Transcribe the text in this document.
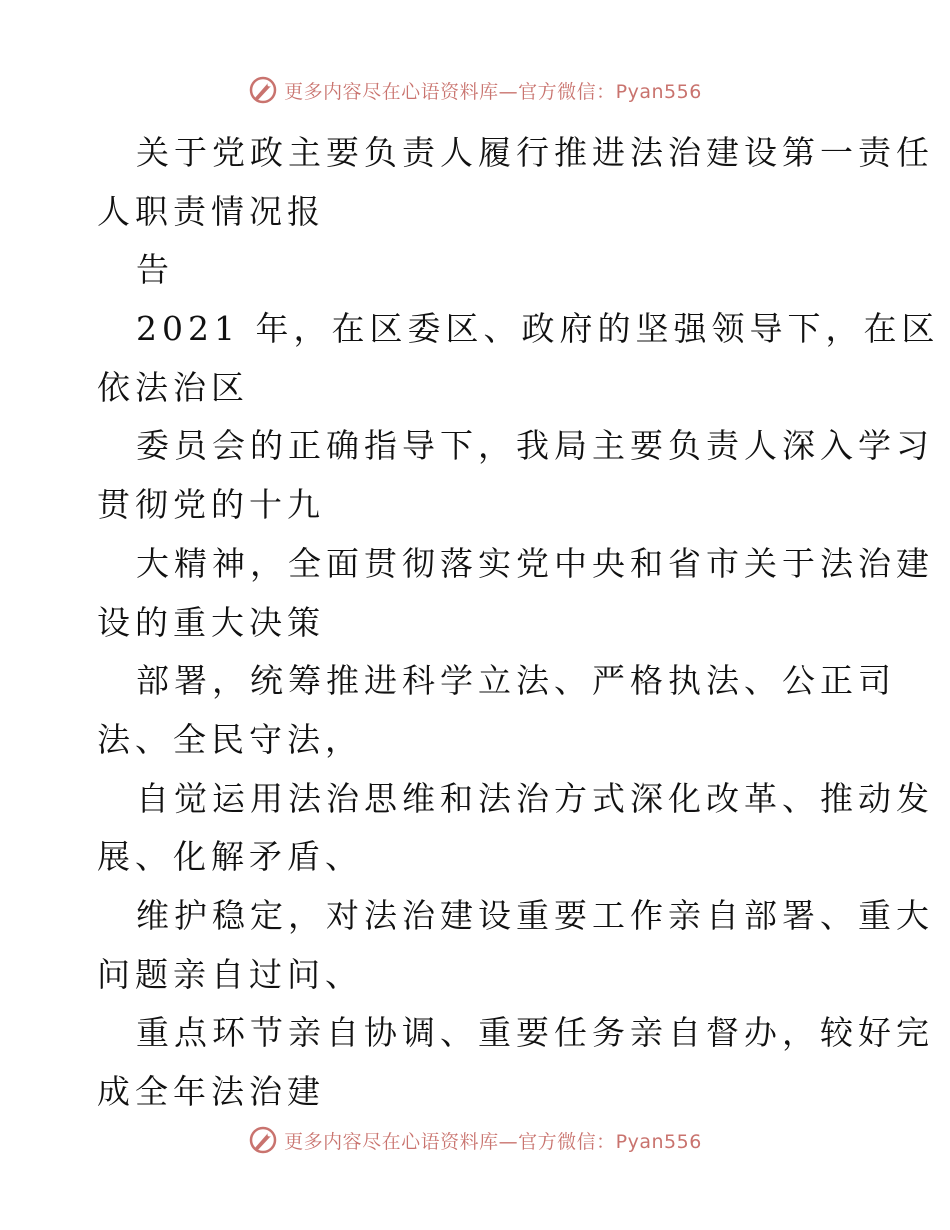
更多内容尽在心语资料库—官方微信：Pyan556
关于党政主要负责人履行推进法治建设第一责任
人职责情况报
告
2021 年，在区委区、政府的坚强领导下，在区
依法治区
委员会的正确指导下，我局主要负责人深入学习
贯彻党的十九
大精神，全面贯彻落实党中央和省市关于法治建
设的重大决策
部署，统筹推进科学立法、严格执法、公正司
法、全民守法，
自觉运用法治思维和法治方式深化改革、推动发
展、化解矛盾、
维护稳定，对法治建设重要工作亲自部署、重大
问题亲自过问、
重点环节亲自协调、重要任务亲自督办，较好完
成全年法治建
更多内容尽在心语资料库—官方微信：Pyan556
